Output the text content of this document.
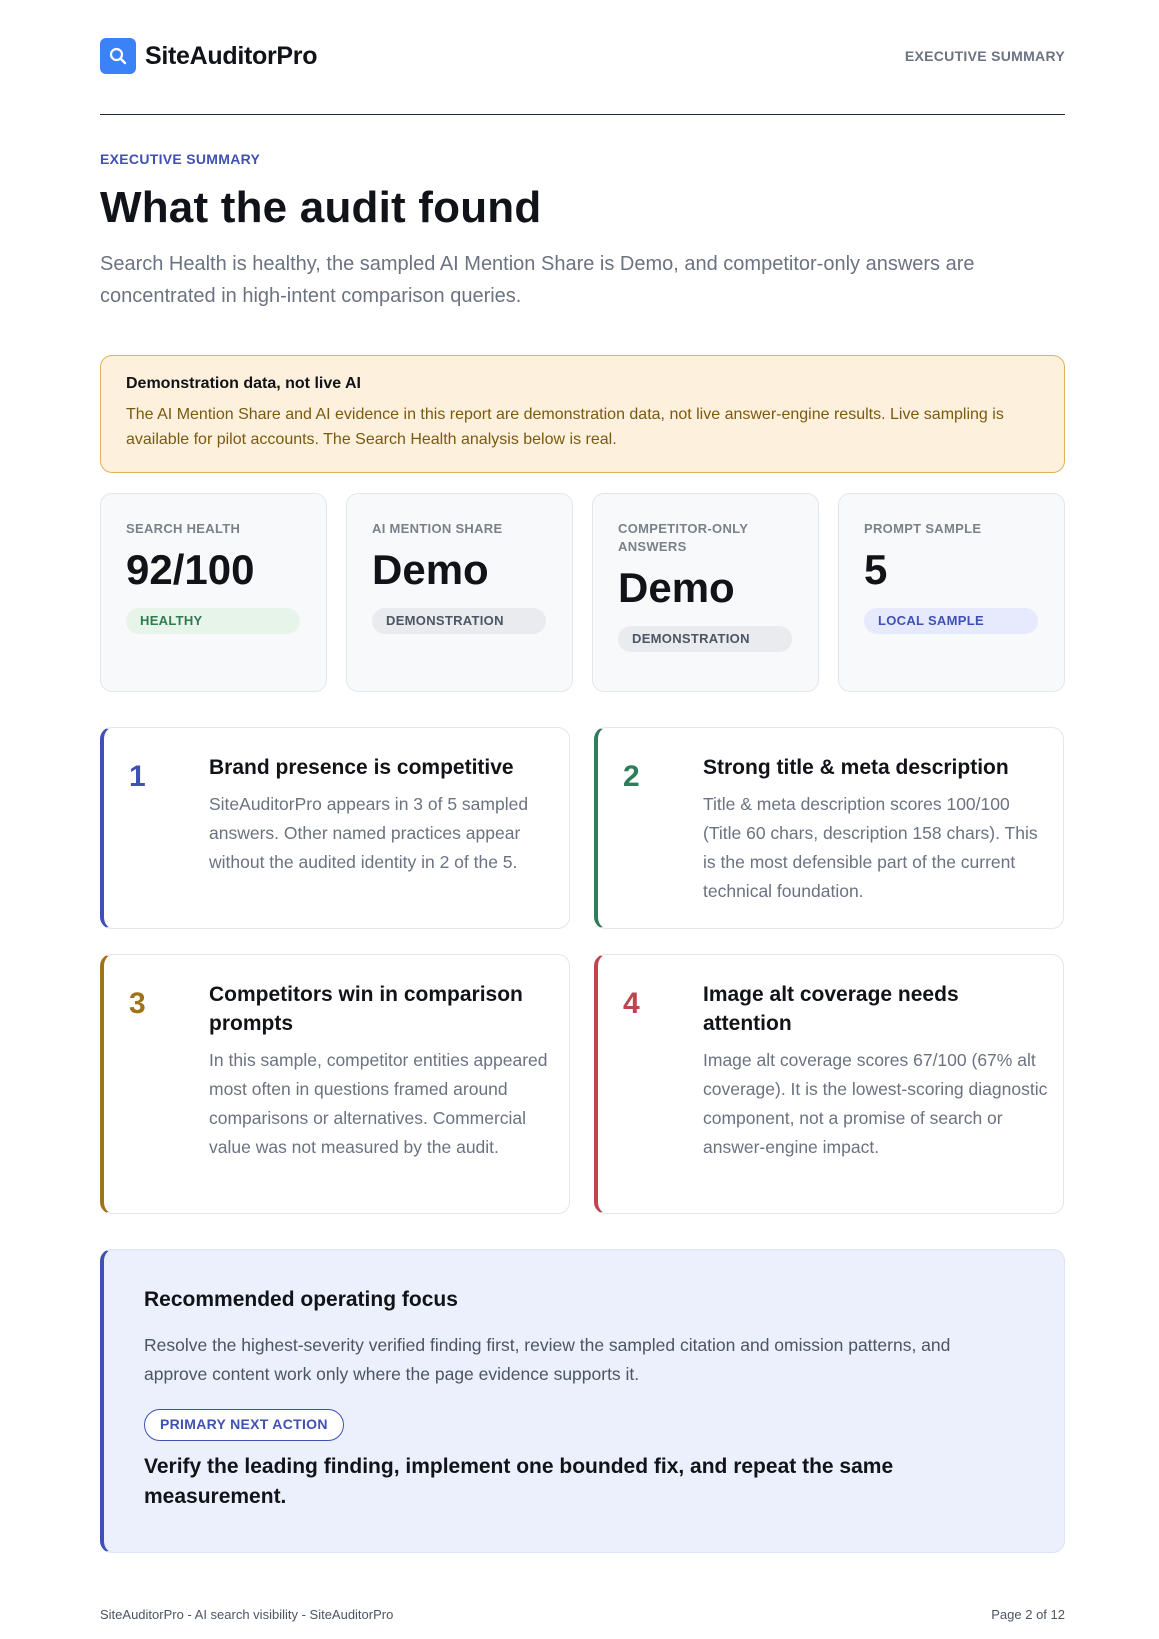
SiteAuditorPro	EXECUTIVE SUMMARY
EXECUTIVE SUMMARY
What the audit found

Search Health is healthy, the sampled AI Mention Share is Demo, and competitor-only answers are concentrated in high-intent comparison queries.

Demonstration data, not live AI
The AI Mention Share and AI evidence in this report are demonstration data, not live answer-engine results. Live sampling is available for pilot accounts. The Search Health analysis below is real.
SEARCH HEALTH
92/100
HEALTHY
AI MENTION SHARE
Demo
DEMONSTRATION
COMPETITOR-ONLY ANSWERS
Demo
DEMONSTRATION
PROMPT SAMPLE
5
LOCAL SAMPLE
1	Brand presence is competitive
SiteAuditorPro appears in 3 of 5 sampled answers. Other named practices appear without the audited identity in 2 of the 5.
2	Strong title & meta description
Title & meta description scores 100/100 (Title 60 chars, description 158 chars). This is the most defensible part of the current technical foundation.
3	Competitors win in comparison prompts
In this sample, competitor entities appeared most often in questions framed around comparisons or alternatives. Commercial value was not measured by the audit.
4	Image alt coverage needs attention
Image alt coverage scores 67/100 (67% alt coverage). It is the lowest-scoring diagnostic component, not a promise of search or answer-engine impact.
Recommended operating focus
Resolve the highest-severity verified finding first, review the sampled citation and omission patterns, and approve content work only where the page evidence supports it.
PRIMARY NEXT ACTION
Verify the leading finding, implement one bounded fix, and repeat the same measurement.
SiteAuditorPro - AI search visibility - SiteAuditorPro	Page 2 of 12
